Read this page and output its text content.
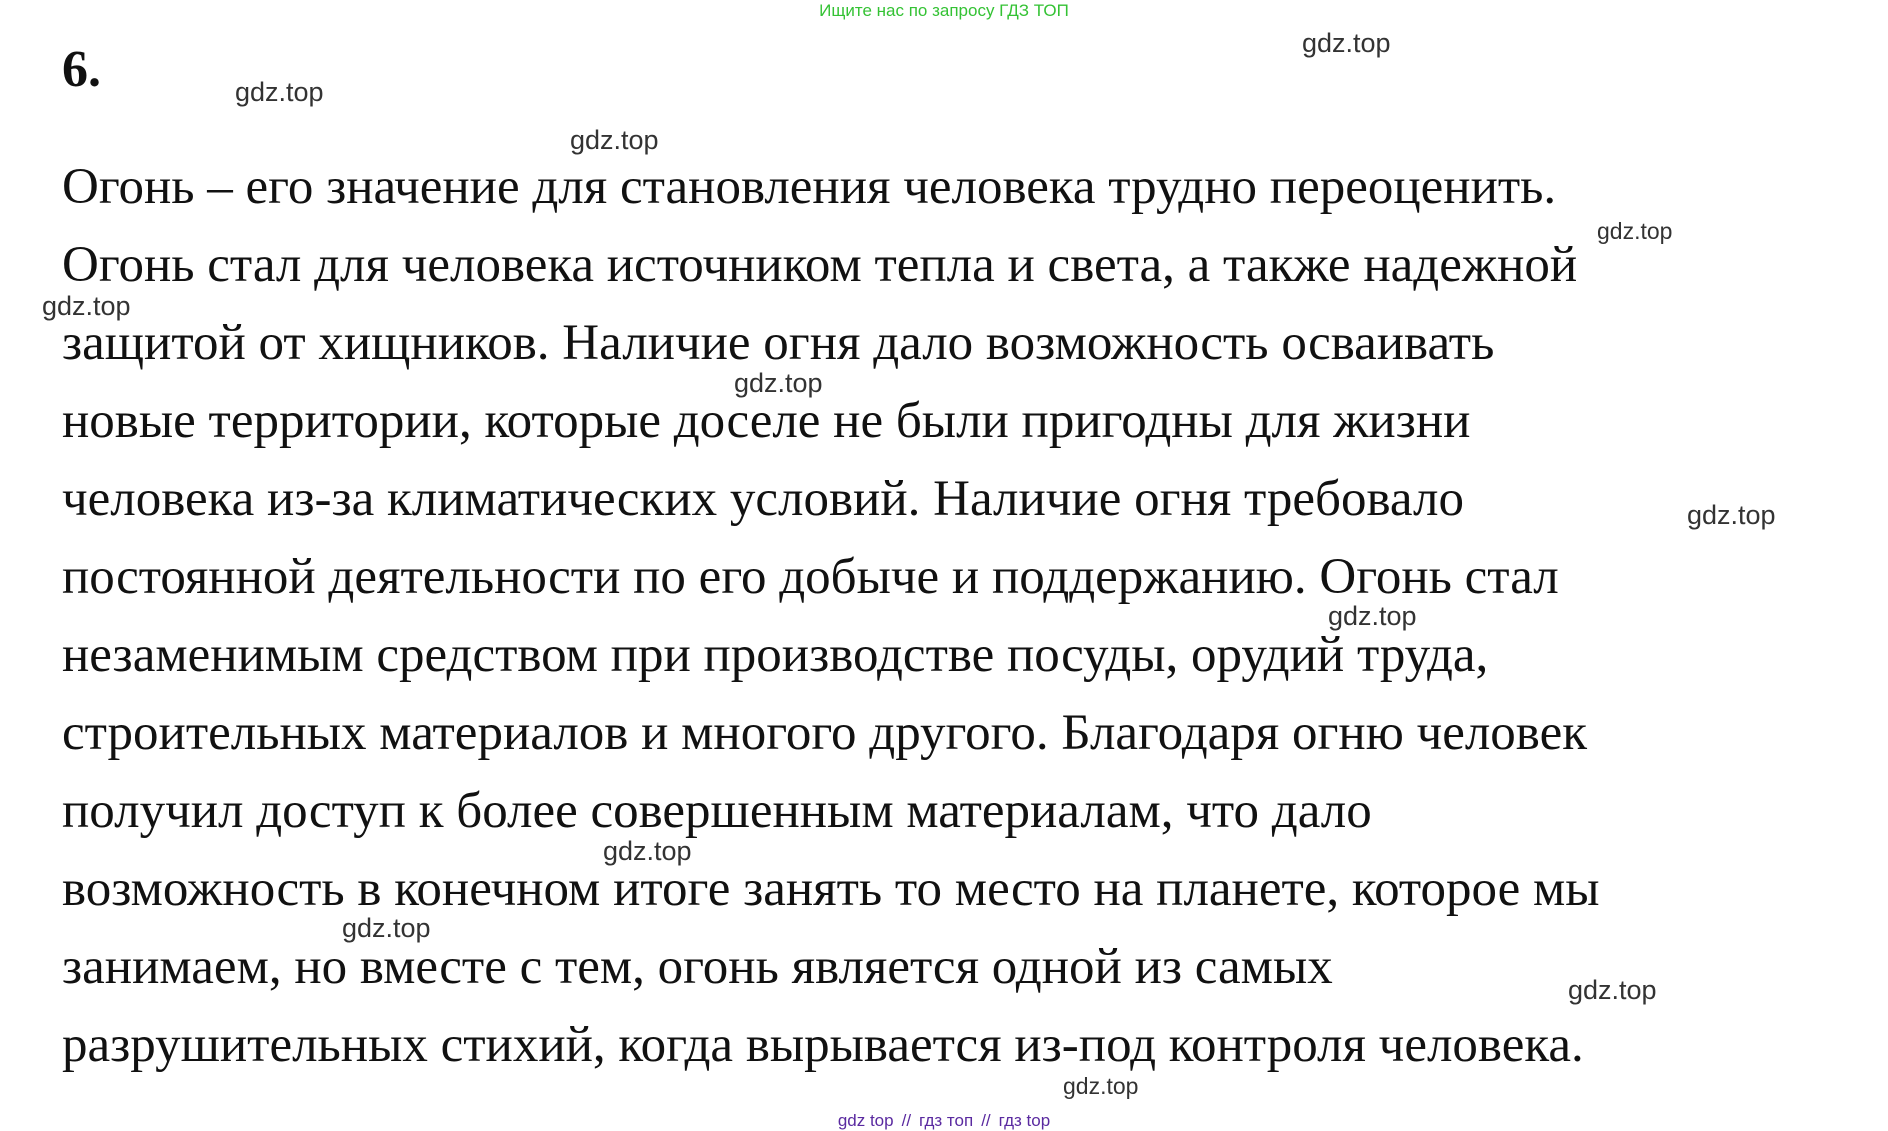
Ищите нас по запросу ГДЗ ТОП
6.
Огонь – его значение для становления человека трудно переоценить.
Огонь стал для человека источником тепла и света, а также надежной
защитой от хищников. Наличие огня дало возможность осваивать
новые территории, которые доселе не были пригодны для жизни
человека из-за климатических условий. Наличие огня требовало
постоянной деятельности по его добыче и поддержанию. Огонь стал
незаменимым средством при производстве посуды, орудий труда,
строительных материалов и многого другого. Благодаря огню человек
получил доступ к более совершенным материалам, что дало
возможность в конечном итоге занять то место на планете, которое мы
занимаем, но вместе с тем, огонь является одной из самых
разрушительных стихий, когда вырывается из-под контроля человека.
gdz.top
gdz.top
gdz.top
gdz.top
gdz.top
gdz.top
gdz.top
gdz.top
gdz.top
gdz.top
gdz.top
gdz.top
gdz top // гдз топ // гдз top
